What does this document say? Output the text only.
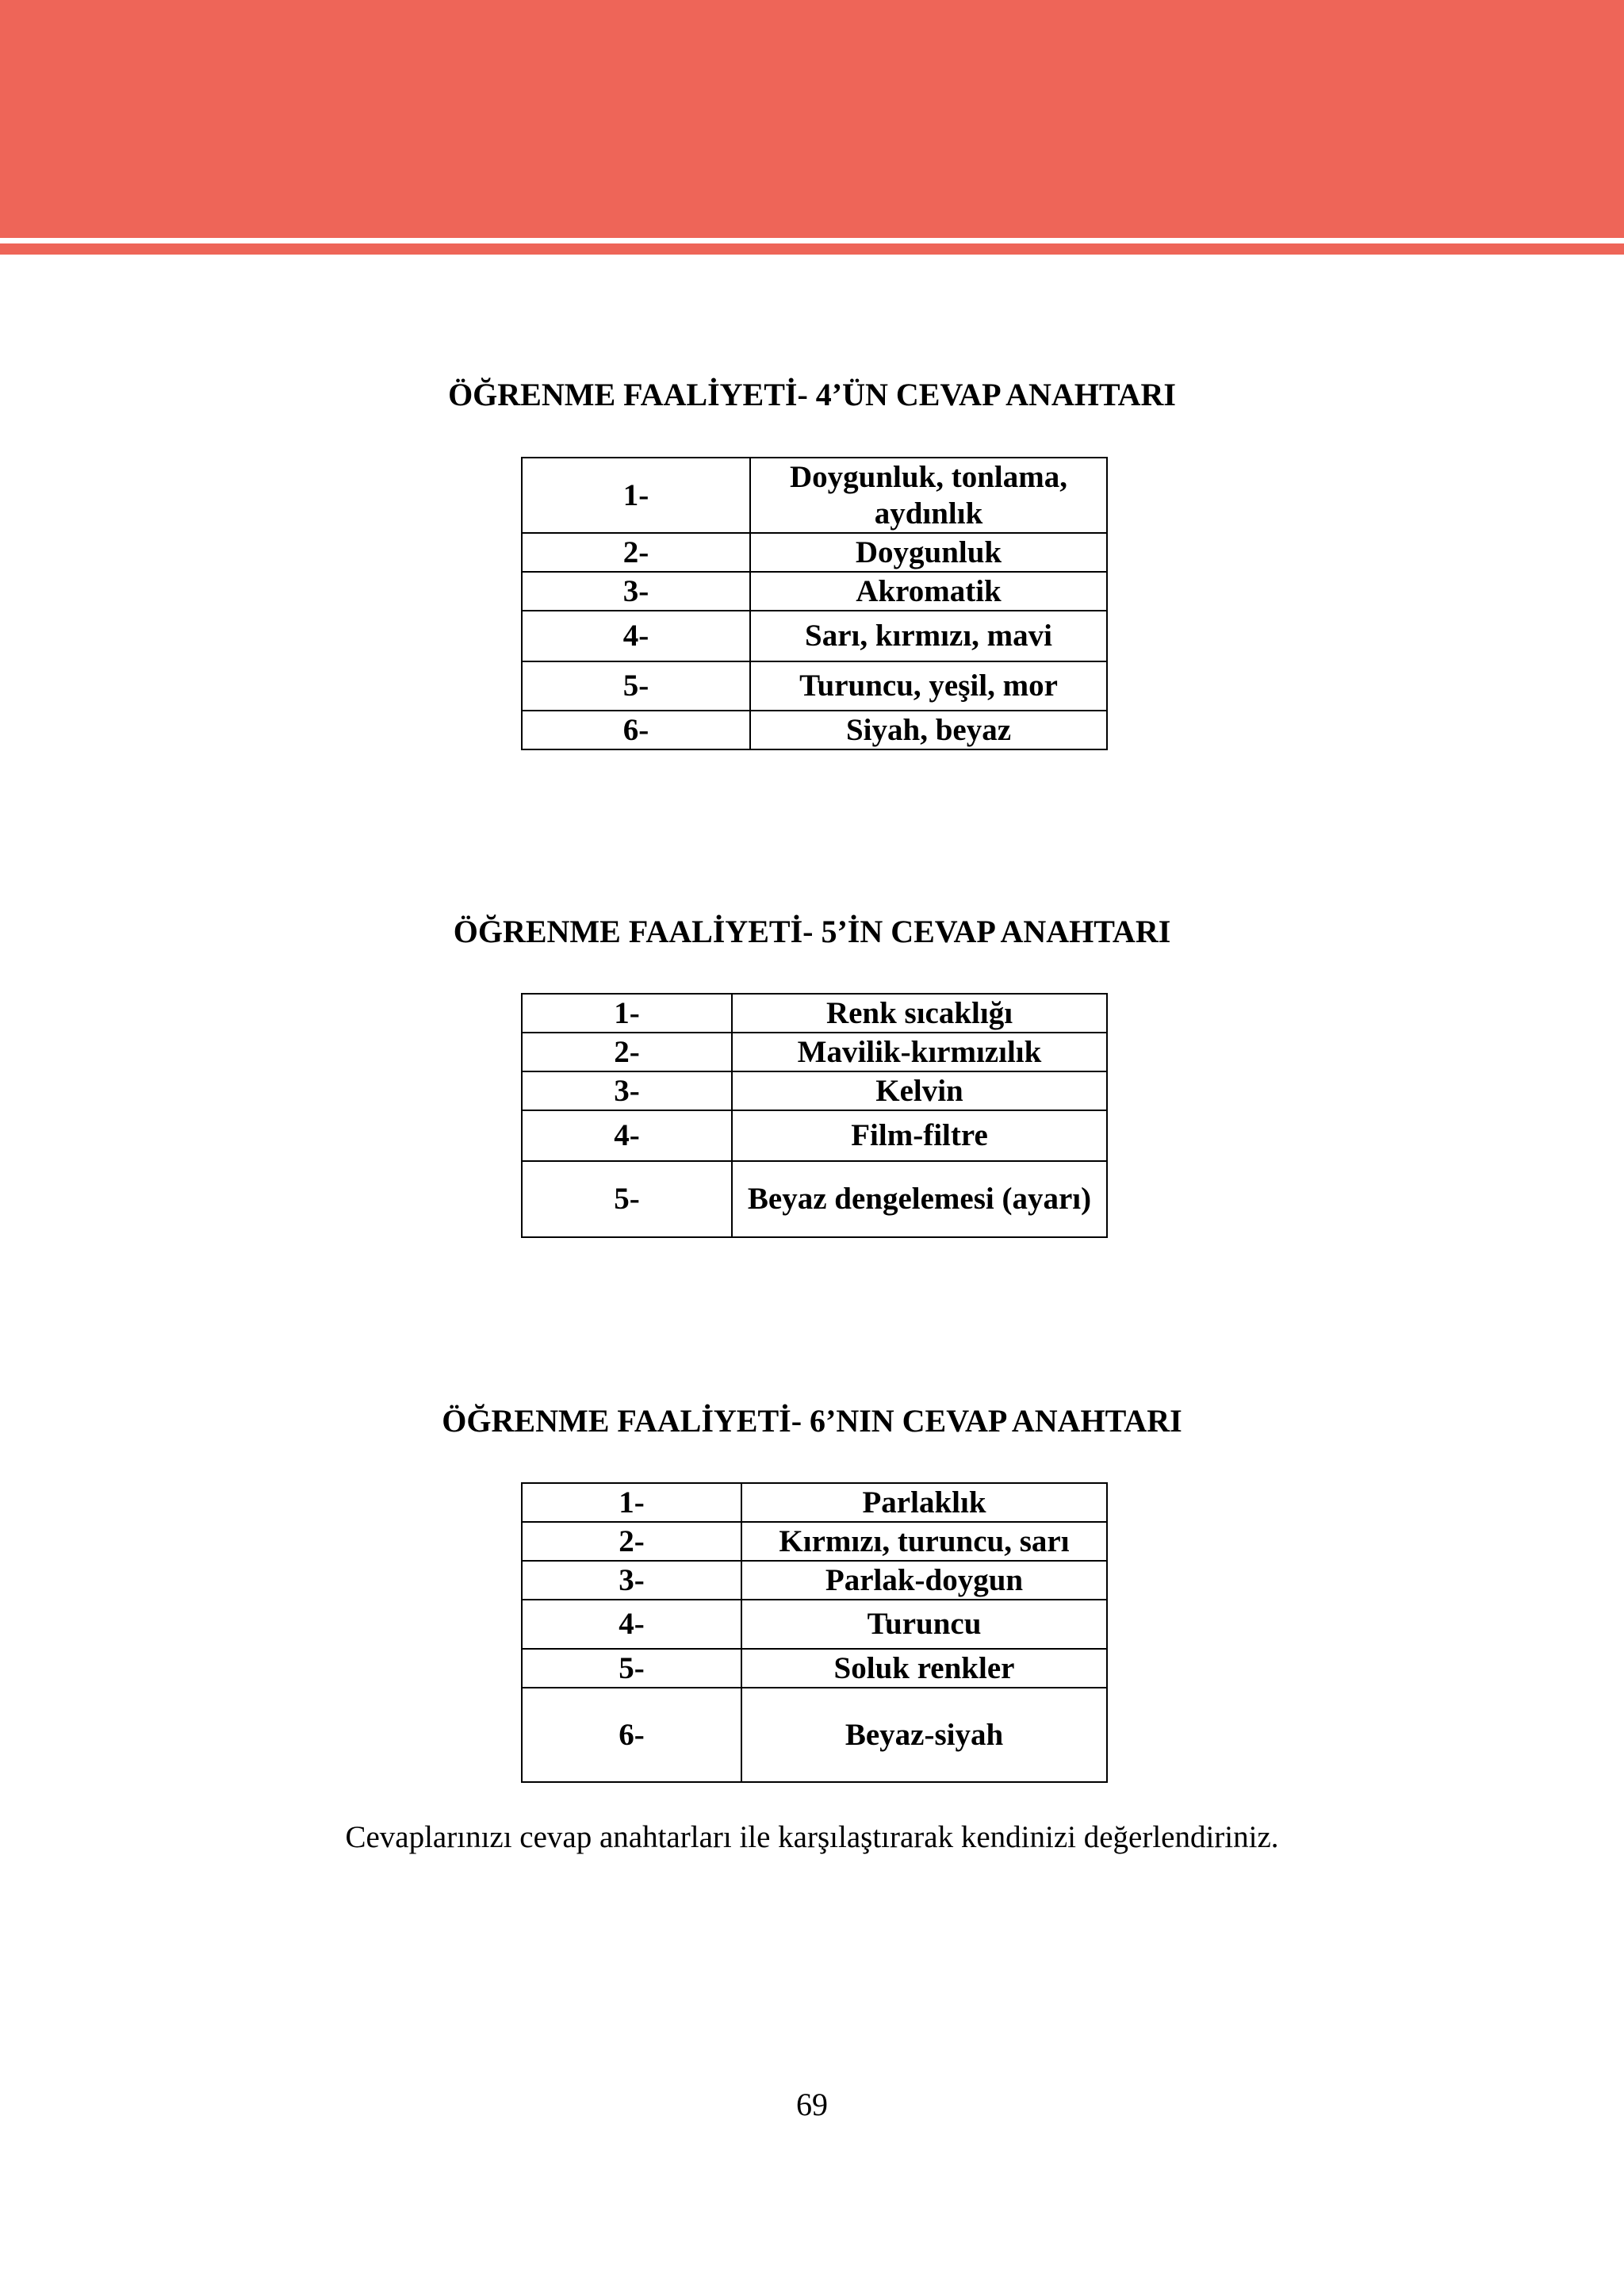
ÖĞRENME FAALİYETİ- 4’ÜN CEVAP ANAHTARI
1-	Doygunluk, tonlama, aydınlık
2-	Doygunluk
3-	Akromatik
4-	Sarı, kırmızı, mavi
5-	Turuncu, yeşil, mor
6-	Siyah, beyaz
ÖĞRENME FAALİYETİ- 5’İN CEVAP ANAHTARI
1-	Renk sıcaklığı
2-	Mavilik-kırmızılık
3-	Kelvin
4-	Film-filtre
5-	Beyaz dengelemesi (ayarı)
ÖĞRENME FAALİYETİ- 6’NIN CEVAP ANAHTARI
1-	Parlaklık
2-	Kırmızı, turuncu, sarı
3-	Parlak-doygun
4-	Turuncu
5-	Soluk renkler
6-	Beyaz-siyah

Cevaplarınızı cevap anahtarları ile karşılaştırarak kendinizi değerlendiriniz.

69
